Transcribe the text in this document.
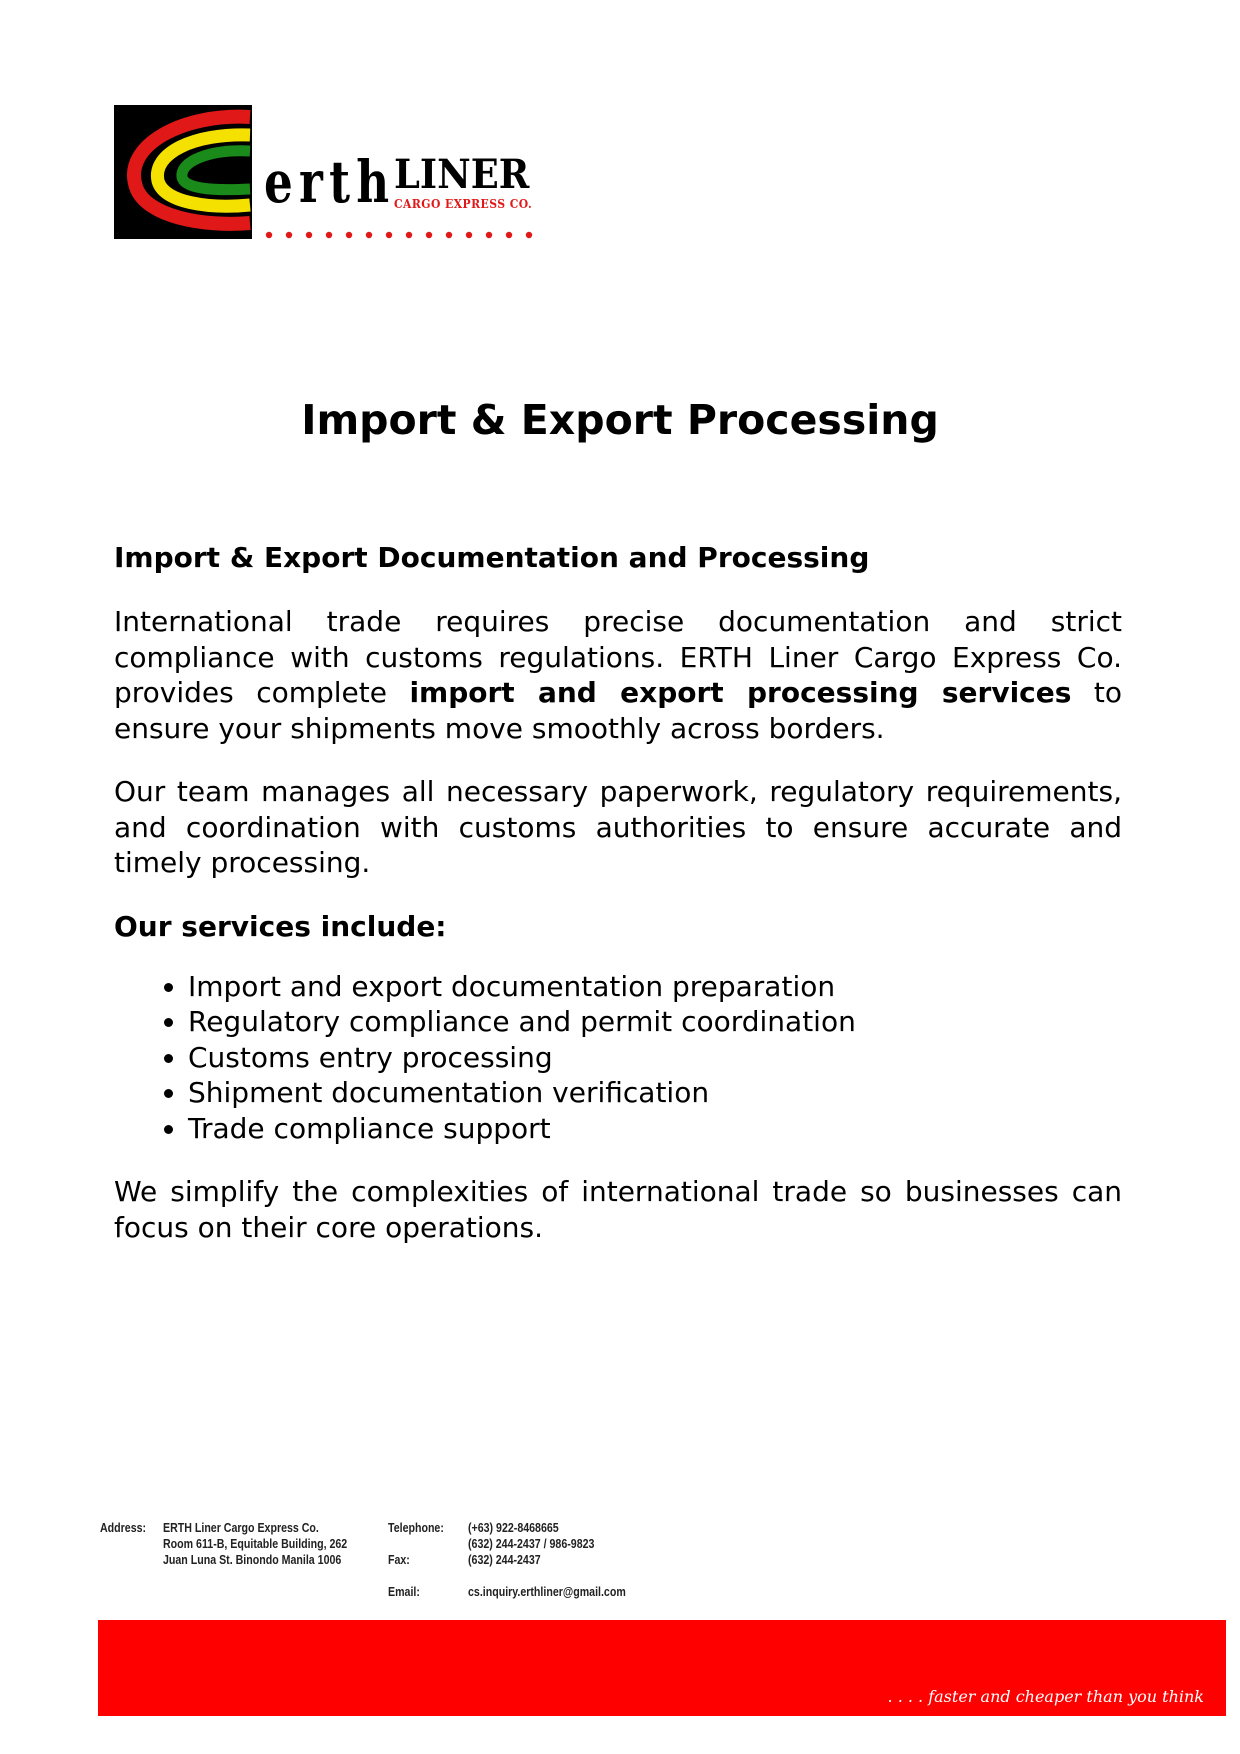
erth
LINER
CARGO EXPRESS CO.
Import & Export Processing
Import & Export Documentation and Processing

International trade requires precise documentation and strict compliance with customs regulations. ERTH Liner Cargo Express Co. provides complete import and export processing services to ensure your shipments move smoothly across borders.

Our team manages all necessary paperwork, regulatory requirements, and coordination with customs authorities to ensure accurate and timely processing.

Our services include:
• Import and export documentation preparation
• Regulatory compliance and permit coordination
• Customs entry processing
• Shipment documentation verification
• Trade compliance support

We simplify the complexities of international trade so businesses can focus on their core operations.

Address: ERTH Liner Cargo Express Co.
Room 611-B, Equitable Building, 262
Juan Luna St. Binondo Manila 1006
Telephone: (+63) 922-8468665
(632) 244-2437 / 986-9823
Fax:	(632) 244-2437
Email:	cs.inquiry.erthliner@gmail.com
. . . . faster and cheaper than you think
